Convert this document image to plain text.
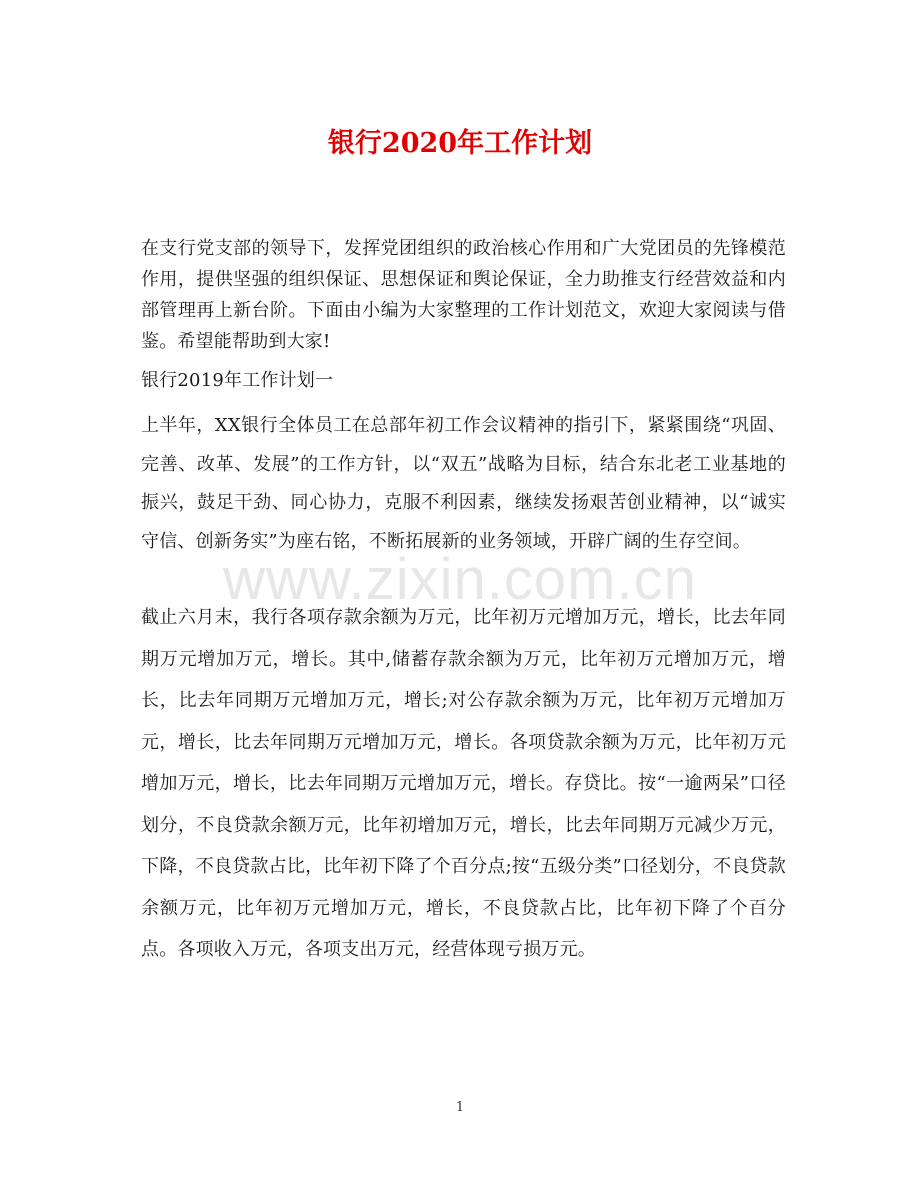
银行2020年工作计划

在支行党支部的领导下，发挥党团组织的政治核心作用和广大党团员的先锋模范作用，提供坚强的组织保证、思想保证和舆论保证，全力助推支行经营效益和内部管理再上新台阶。下面由小编为大家整理的工作计划范文，欢迎大家阅读与借鉴。希望能帮助到大家!

银行2019年工作计划一

上半年，XX银行全体员工在总部年初工作会议精神的指引下，紧紧围绕“巩固、完善、改革、发展”的工作方针，以“双五”战略为目标，结合东北老工业基地的振兴，鼓足干劲、同心协力，克服不利因素，继续发扬艰苦创业精神，以“诚实守信、创新务实”为座右铭，不断拓展新的业务领域，开辟广阔的生存空间。

截止六月末，我行各项存款余额为万元，比年初万元增加万元，增长，比去年同期万元增加万元，增长。其中,储蓄存款余额为万元，比年初万元增加万元，增长，比去年同期万元增加万元，增长;对公存款余额为万元，比年初万元增加万元，增长，比去年同期万元增加万元，增长。各项贷款余额为万元，比年初万元增加万元，增长，比去年同期万元增加万元，增长。存贷比。按“一逾两呆”口径划分，不良贷款余额万元，比年初增加万元，增长，比去年同期万元减少万元，下降，不良贷款占比，比年初下降了个百分点;按“五级分类”口径划分，不良贷款余额万元，比年初万元增加万元，增长，不良贷款占比，比年初下降了个百分点。各项收入万元，各项支出万元，经营体现亏损万元。

www.zixin.com.cn
1
